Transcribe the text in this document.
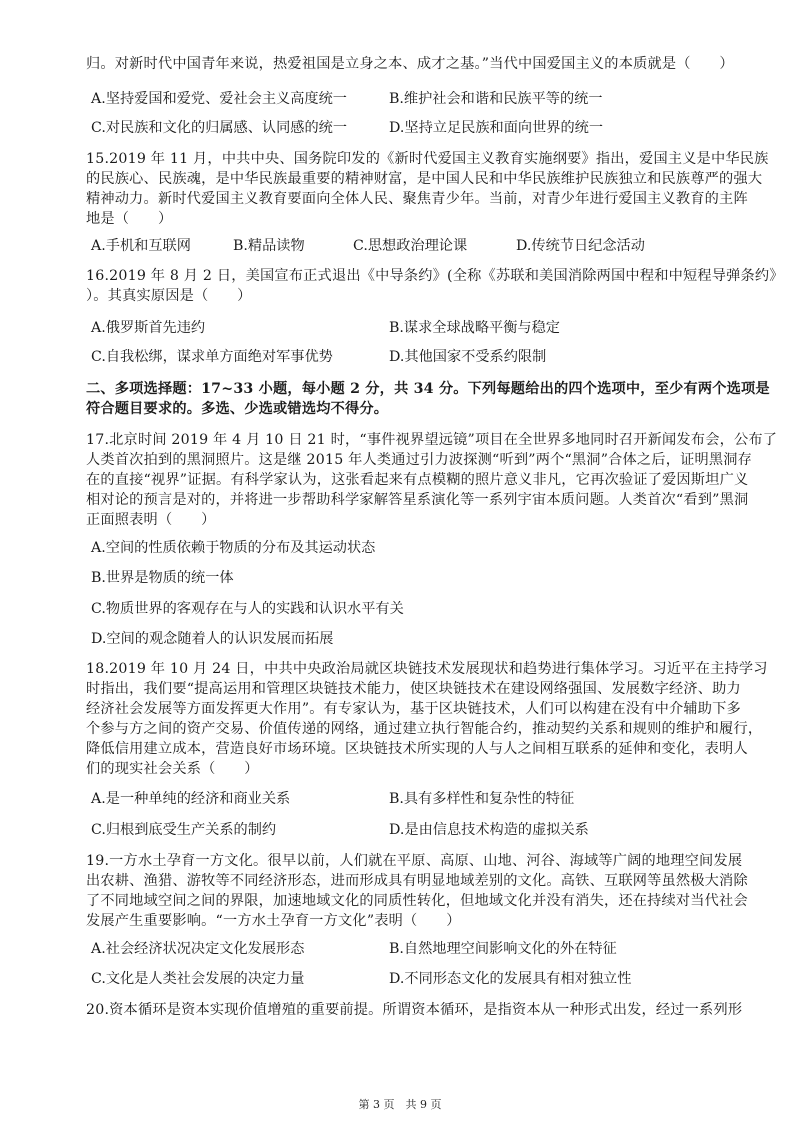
归。对新时代中国青年来说，热爱祖国是立身之本、成才之基。”当代中国爱国主义的本质就是（　　）
A.坚持爱国和爱党、爱社会主义高度统一	B.维护社会和谐和民族平等的统一
C.对民族和文化的归属感、认同感的统一	D.坚持立足民族和面向世界的统一
15.2019 年 11 月，中共中央、国务院印发的《新时代爱国主义教育实施纲要》指出，爱国主义是中华民族
的民族心、民族魂，是中华民族最重要的精神财富，是中国人民和中华民族维护民族独立和民族尊严的强大
精神动力。新时代爱国主义教育要面向全体人民、聚焦青少年。当前，对青少年进行爱国主义教育的主阵
地是（　　）
A.手机和互联网	B.精品读物	C.思想政治理论课	D.传统节日纪念活动
16.2019 年 8 月 2 日，美国宣布正式退出《中导条约》(全称《苏联和美国消除两国中程和中短程导弹条约》
）。其真实原因是（　　）
A.俄罗斯首先违约	B.谋求全球战略平衡与稳定
C.自我松绑，谋求单方面绝对军事优势	D.其他国家不受系约限制
二、多项选择题：17~33 小题，每小题 2 分，共 34 分。下列每题给出的四个选项中，至少有两个选项是
符合题目要求的。多选、少选或错选均不得分。
17.北京时间 2019 年 4 月 10 日 21 时，“事件视界望远镜”项目在全世界多地同时召开新闻发布会，公布了
人类首次拍到的黑洞照片。这是继 2015 年人类通过引力波探测“听到”两个“黑洞”合体之后，证明黑洞存
在的直接“视界”证据。有科学家认为，这张看起来有点模糊的照片意义非凡，它再次验证了爱因斯坦广义
相对论的预言是对的，并将进一步帮助科学家解答星系演化等一系列宇宙本质问题。人类首次“看到”黑洞
正面照表明（　　）
A.空间的性质依赖于物质的分布及其运动状态
B.世界是物质的统一体
C.物质世界的客观存在与人的实践和认识水平有关
D.空间的观念随着人的认识发展而拓展
18.2019 年 10 月 24 日，中共中央政治局就区块链技术发展现状和趋势进行集体学习。习近平在主持学习
时指出，我们要“提高运用和管理区块链技术能力，使区块链技术在建设网络强国、发展数字经济、助力
经济社会发展等方面发挥更大作用”。有专家认为，基于区块链技术，人们可以构建在没有中介辅助下多
个参与方之间的资产交易、价值传递的网络，通过建立执行智能合约，推动契约关系和规则的维护和履行，
降低信用建立成本，营造良好市场环境。区块链技术所实现的人与人之间相互联系的延伸和变化，表明人
们的现实社会关系（　　）
A.是一种单纯的经济和商业关系	B.具有多样性和复杂性的特征
C.归根到底受生产关系的制约	D.是由信息技术构造的虚拟关系
19.一方水土孕育一方文化。很早以前，人们就在平原、高原、山地、河谷、海域等广阔的地理空间发展
出农耕、渔猎、游牧等不同经济形态，进而形成具有明显地域差别的文化。高铁、互联网等虽然极大消除
了不同地域空间之间的界限，加速地域文化的同质性转化，但地域文化并没有消失，还在持续对当代社会
发展产生重要影响。“一方水土孕育一方文化”表明（　　）
A.社会经济状况决定文化发展形态	B.自然地理空间影响文化的外在特征
C.文化是人类社会发展的决定力量	D.不同形态文化的发展具有相对独立性
20.资本循环是资本实现价值增殖的重要前提。所谓资本循环，是指资本从一种形式出发，经过一系列形
第 3 页　共 9 页
